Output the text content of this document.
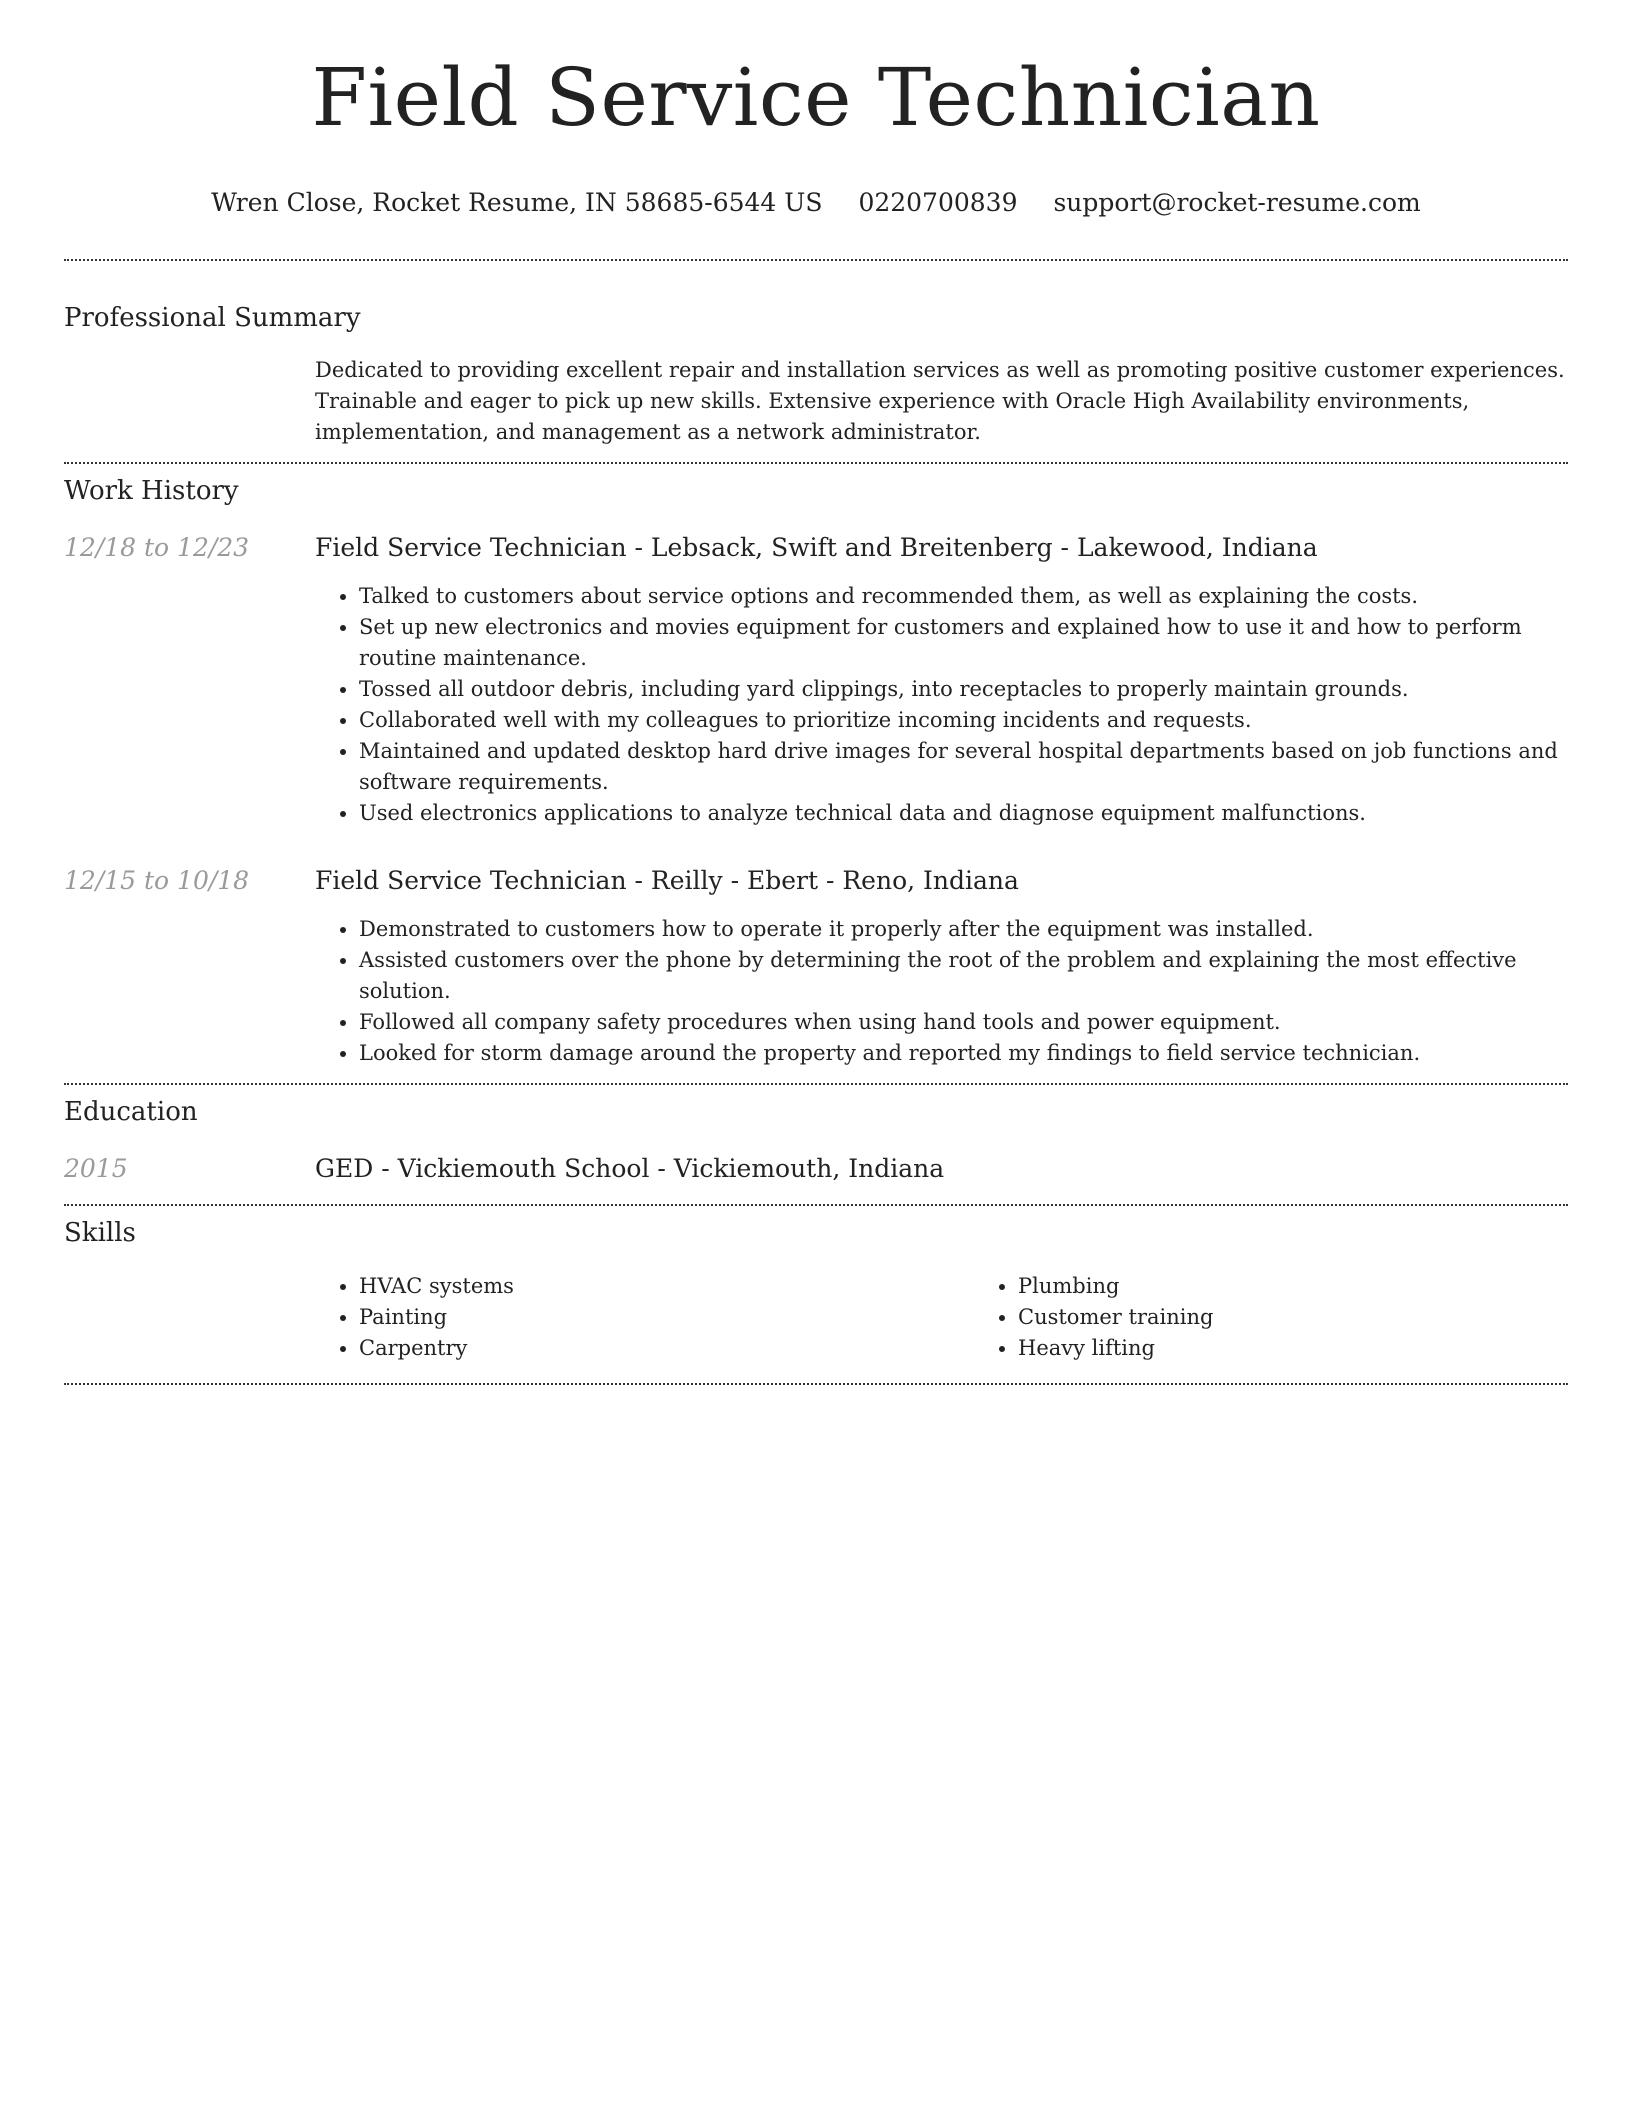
Field Service Technician
Wren Close, Rocket Resume, IN 58685-6544 US 0220700839 support@rocket-resume.com
Professional Summary
Dedicated to providing excellent repair and installation services as well as promoting positive customer experiences. Trainable and eager to pick up new skills. Extensive experience with Oracle High Availability environments, implementation, and management as a network administrator.
Work History
12/18 to 12/23	Field Service Technician - Lebsack, Swift and Breitenberg - Lakewood, Indiana
• Talked to customers about service options and recommended them, as well as explaining the costs.
• Set up new electronics and movies equipment for customers and explained how to use it and how to perform routine maintenance.
• Tossed all outdoor debris, including yard clippings, into receptacles to properly maintain grounds.
• Collaborated well with my colleagues to prioritize incoming incidents and requests.
• Maintained and updated desktop hard drive images for several hospital departments based on job functions and software requirements.
• Used electronics applications to analyze technical data and diagnose equipment malfunctions.
12/15 to 10/18	Field Service Technician - Reilly - Ebert - Reno, Indiana
• Demonstrated to customers how to operate it properly after the equipment was installed.
• Assisted customers over the phone by determining the root of the problem and explaining the most effective solution.
• Followed all company safety procedures when using hand tools and power equipment.
• Looked for storm damage around the property and reported my findings to field service technician.
Education
2015	GED - Vickiemouth School - Vickiemouth, Indiana
Skills
• HVAC systems
• Painting
• Carpentry
• Plumbing
• Customer training
• Heavy lifting
